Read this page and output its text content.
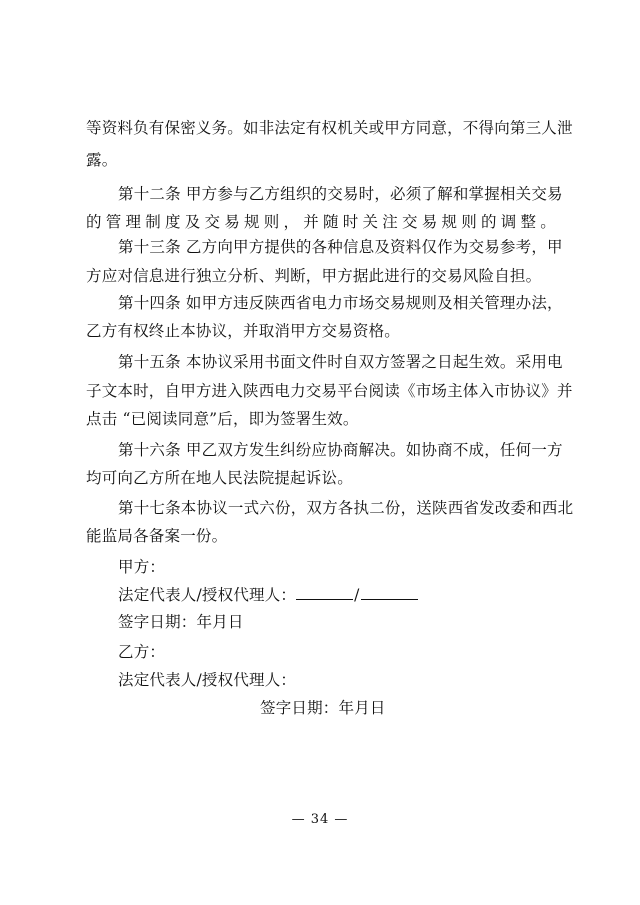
等资料负有保密义务。如非法定有权机关或甲方同意，不得向第三人泄
露。
第十二条 甲方参与乙方组织的交易时，必须了解和掌握相关交易
的管理制度及交易规则，并随时关注交易规则的调整。
第十三条 乙方向甲方提供的各种信息及资料仅作为交易参考，甲
方应对信息进行独立分析、判断，甲方据此进行的交易风险自担。
第十四条 如甲方违反陕西省电力市场交易规则及相关管理办法，
乙方有权终止本协议，并取消甲方交易资格。
第十五条 本协议采用书面文件时自双方签署之日起生效。采用电
子文本时，自甲方进入陕西电力交易平台阅读《市场主体入市协议》并
点击 “已阅读同意”后，即为签署生效。
第十六条 甲乙双方发生纠纷应协商解决。如协商不成，任何一方
均可向乙方所在地人民法院提起诉讼。
第十七条本协议一式六份，双方各执二份，送陕西省发改委和西北
能监局各备案一份。
甲方：
法定代表人/授权代理人：	/
签字日期：年月日
乙方：
法定代表人/授权代理人：
签字日期：年月日
— 34 —
